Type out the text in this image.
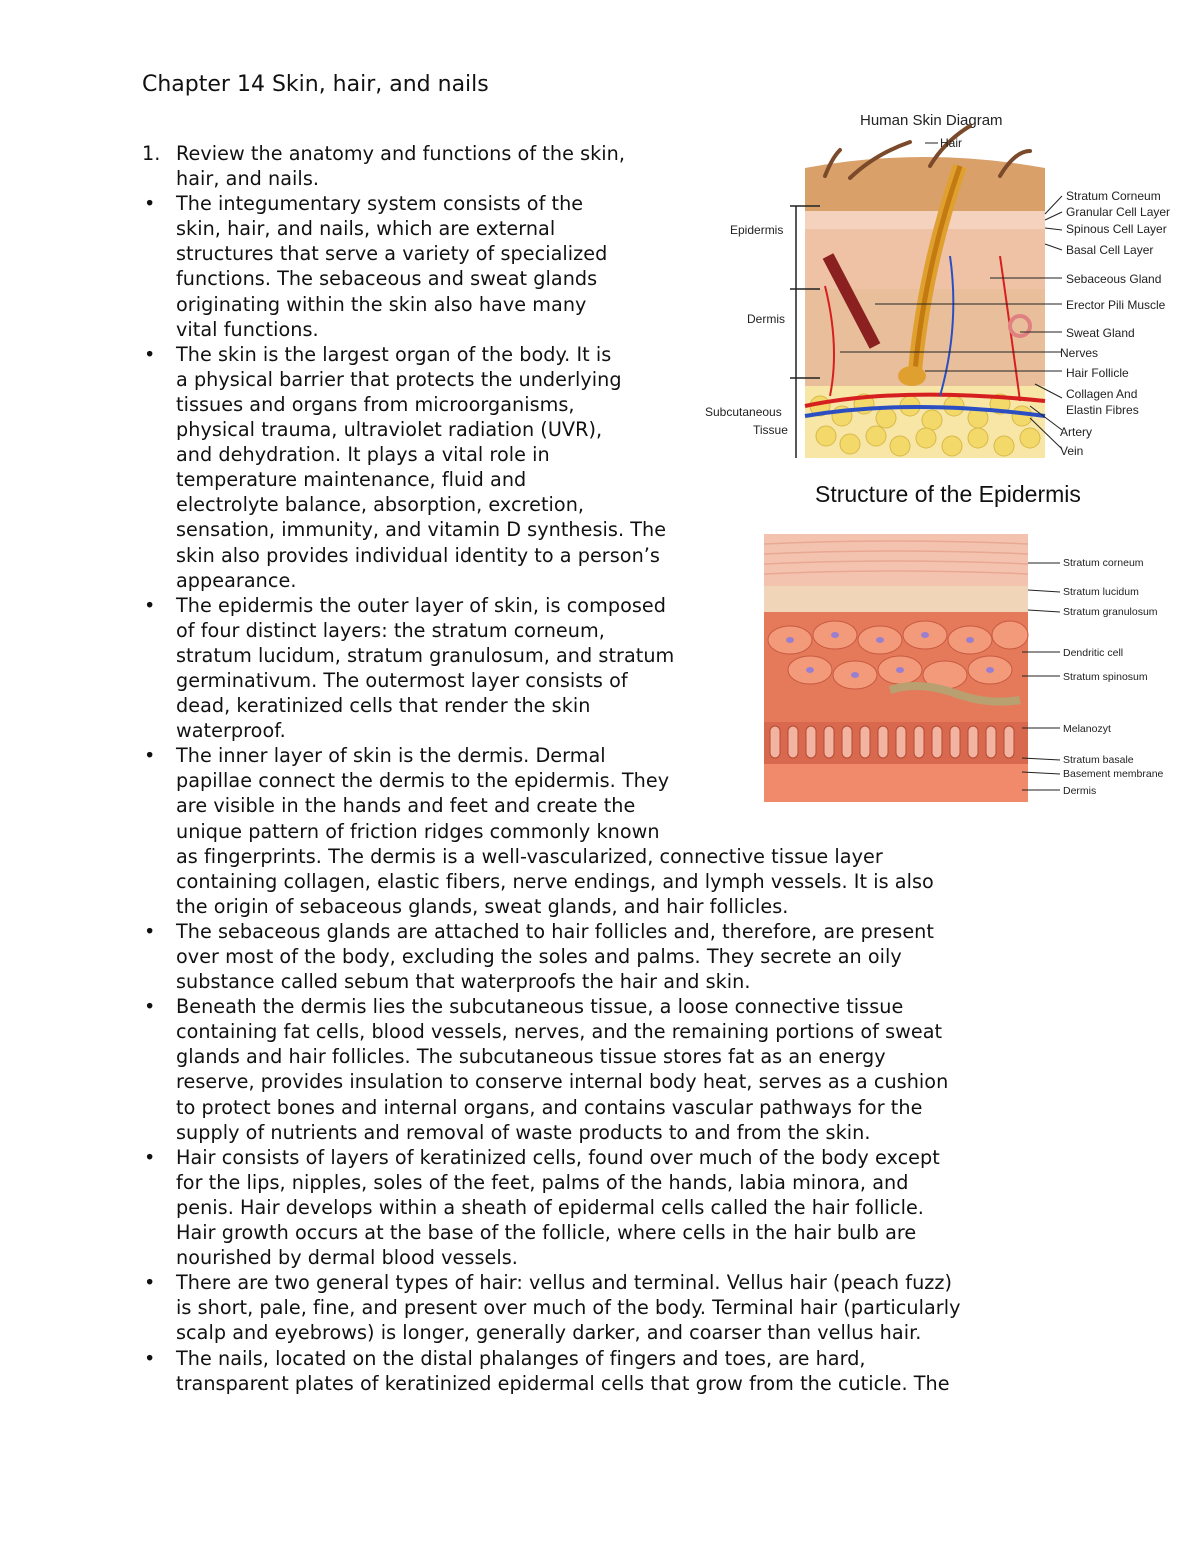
Chapter 14 Skin, hair, and nails
1. Review the anatomy and functions of the skin,
hair, and nails.
• The integumentary system consists of the
skin, hair, and nails, which are external
structures that serve a variety of specialized
functions. The sebaceous and sweat glands
originating within the skin also have many
vital functions.
• The skin is the largest organ of the body. It is
a physical barrier that protects the underlying
tissues and organs from microorganisms,
physical trauma, ultraviolet radiation (UVR),
and dehydration. It plays a vital role in
temperature maintenance, fluid and
electrolyte balance, absorption, excretion,
sensation, immunity, and vitamin D synthesis. The
skin also provides individual identity to a person’s
appearance.
• The epidermis the outer layer of skin, is composed
of four distinct layers: the stratum corneum,
stratum lucidum, stratum granulosum, and stratum
germinativum. The outermost layer consists of
dead, keratinized cells that render the skin
waterproof.
• The inner layer of skin is the dermis. Dermal
papillae connect the dermis to the epidermis. They
are visible in the hands and feet and create the
unique pattern of friction ridges commonly known
as fingerprints. The dermis is a well-vascularized, connective tissue layer
containing collagen, elastic fibers, nerve endings, and lymph vessels. It is also
the origin of sebaceous glands, sweat glands, and hair follicles.
• The sebaceous glands are attached to hair follicles and, therefore, are present
over most of the body, excluding the soles and palms. They secrete an oily
substance called sebum that waterproofs the hair and skin.
• Beneath the dermis lies the subcutaneous tissue, a loose connective tissue
containing fat cells, blood vessels, nerves, and the remaining portions of sweat
glands and hair follicles. The subcutaneous tissue stores fat as an energy
reserve, provides insulation to conserve internal body heat, serves as a cushion
to protect bones and internal organs, and contains vascular pathways for the
supply of nutrients and removal of waste products to and from the skin.
• Hair consists of layers of keratinized cells, found over much of the body except
for the lips, nipples, soles of the feet, palms of the hands, labia minora, and
penis. Hair develops within a sheath of epidermal cells called the hair follicle.
Hair growth occurs at the base of the follicle, where cells in the hair bulb are
nourished by dermal blood vessels.
• There are two general types of hair: vellus and terminal. Vellus hair (peach fuzz)
is short, pale, fine, and present over much of the body. Terminal hair (particularly
scalp and eyebrows) is longer, generally darker, and coarser than vellus hair.
• The nails, located on the distal phalanges of fingers and toes, are hard,
transparent plates of keratinized epidermal cells that grow from the cuticle. The
Human Skin Diagram
Epidermis
Dermis
Subcutaneous
Tissue
Hair
Stratum Corneum
Granular Cell Layer
Spinous Cell Layer
Basal Cell Layer
Sebaceous Gland
Erector Pili Muscle
Sweat Gland
Nerves
Hair Follicle
Collagen And
Elastin Fibres
Artery
Vein
Structure of the Epidermis
Stratum corneum
Stratum lucidum
Stratum granulosum
Dendritic cell
Stratum spinosum
Melanozyt
Stratum basale
Basement membrane
Dermis
